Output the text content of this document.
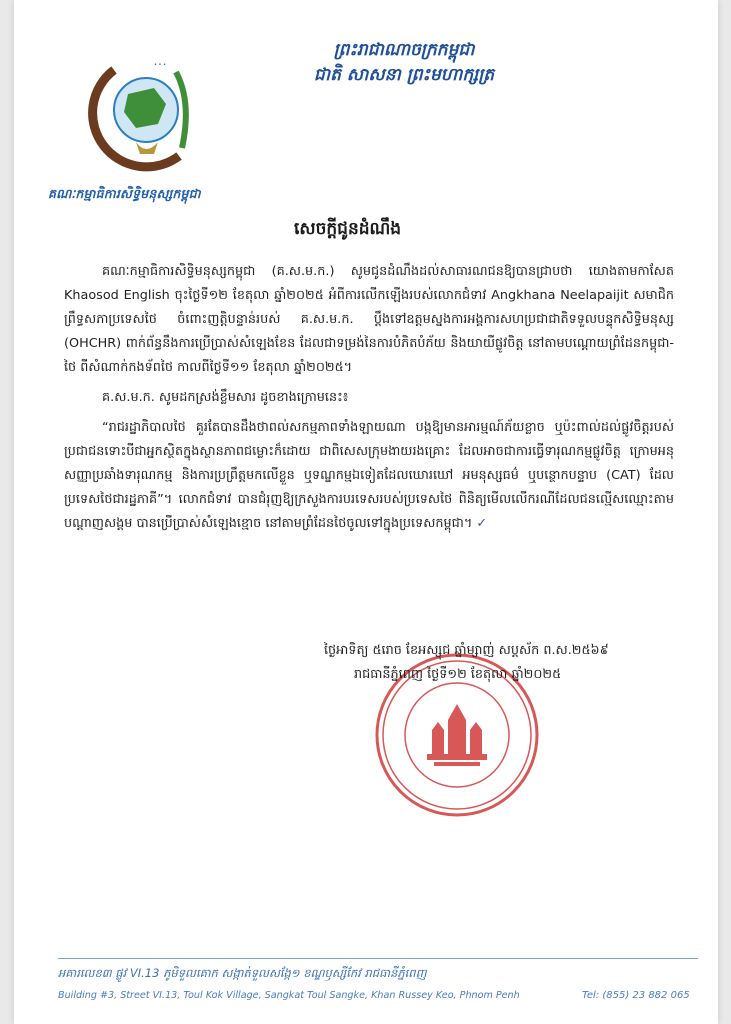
• • •
គណៈកម្មាធិការសិទ្ធិមនុស្សកម្ពុជា
ព្រះរាជាណាចក្រកម្ពុជា
ជាតិ សាសនា ព្រះមហាក្សត្រ
សេចក្ដីជូនដំណឹង

គណៈកម្មាធិការសិទ្ធិមនុស្សកម្ពុជា (គ.ស.ម.ក.) សូមជូនដំណឹងដល់សាធារណជនឱ្យបានជ្រាបថា យោងតាមកាសែត Khaosod English ចុះថ្ងៃទី១២ ខែតុលា ឆ្នាំ២០២៥ អំពីការលើកឡើងរបស់លោកជំទាវ Angkhana Neelapaijit សមាជិកព្រឹទ្ធសភាប្រទេសថៃ ចំពោះញត្តិបន្ទាន់របស់ គ.ស.ម.ក. ប្ដឹងទៅឧត្តមស្នងការអង្គការសហប្រជាជាតិទទួលបន្ទុកសិទ្ធិមនុស្ស (OHCHR) ពាក់ព័ន្ធនឹងការប្រើប្រាស់សំឡេងខែន ដែលជាទម្រង់នៃការបំភិតបំភ័យ និងយាយីផ្លូវចិត្ត នៅតាមបណ្ដោយព្រំដែនកម្ពុជា-ថៃ ពីសំណាក់កងទ័ពថៃ កាលពីថ្ងៃទី១១ ខែតុលា ឆ្នាំ២០២៥។

គ.ស.ម.ក. សូមដកស្រង់ខ្លឹមសារ ដូចខាងក្រោមនេះ៖

“រាជរដ្ឋាភិបាលថៃ គួរតែបានដឹងថាពល់សកម្មភាពទាំងឡាយណា បង្កឱ្យមានអារម្មណ៍ភ័យខ្លាច ឬប៉ះពាល់ដល់ផ្លូវចិត្តរបស់ប្រជាជនទោះបីជាអ្នកស្ថិតក្នុងស្ថានភាពជម្លោះក៏ដោយ ជាពិសេសក្រុមងាយរងគ្រោះ ដែលអាចជាការធ្វើទារុណកម្មផ្លូវចិត្ត ក្រោមអនុសញ្ញាប្រឆាំងទារុណកម្ម និងការប្រព្រឹត្តមកលើខ្លួន ឬទណ្ឌកម្មឯទៀតដែលឃោរឃៅ អមនុស្សធម៌ ឬបន្ថោកបន្ទាប (CAT) ដែលប្រទេសថៃជារដ្ឋភាគី”។ លោកជំទាវ បានជំរុញឱ្យក្រសួងការបរទេសរបស់ប្រទេសថៃ ពិនិត្យមើលលើករណីដែលជនល្មើសឈ្មោះតាមបណ្ដាញសង្គម បានប្រើប្រាស់សំឡេងខ្មោច នៅតាមព្រំដែនថៃចូលទៅក្នុងប្រទេសកម្ពុជា។ ✓

ថ្ងៃអាទិត្យ ៥រោច ខែអស្សុជ ឆ្នាំម្សាញ់ សប្តស័ក ព.ស.២៥៦៩
រាជធានីភ្នំពេញ ថ្ងៃទី១២ ខែតុលា ឆ្នាំ២០២៥
អគារលេខ៣ ផ្លូវ VI.13 ភូមិទួលគោក សង្កាត់ទួលសង្កែ១ ខណ្ឌឫស្សីកែវ រាជធានីភ្នំពេញ
Building #3, Street VI.13, Toul Kok Village, Sangkat Toul Sangke, Khan Russey Keo, Phnom Penh	Tel: (855) 23 882 065
